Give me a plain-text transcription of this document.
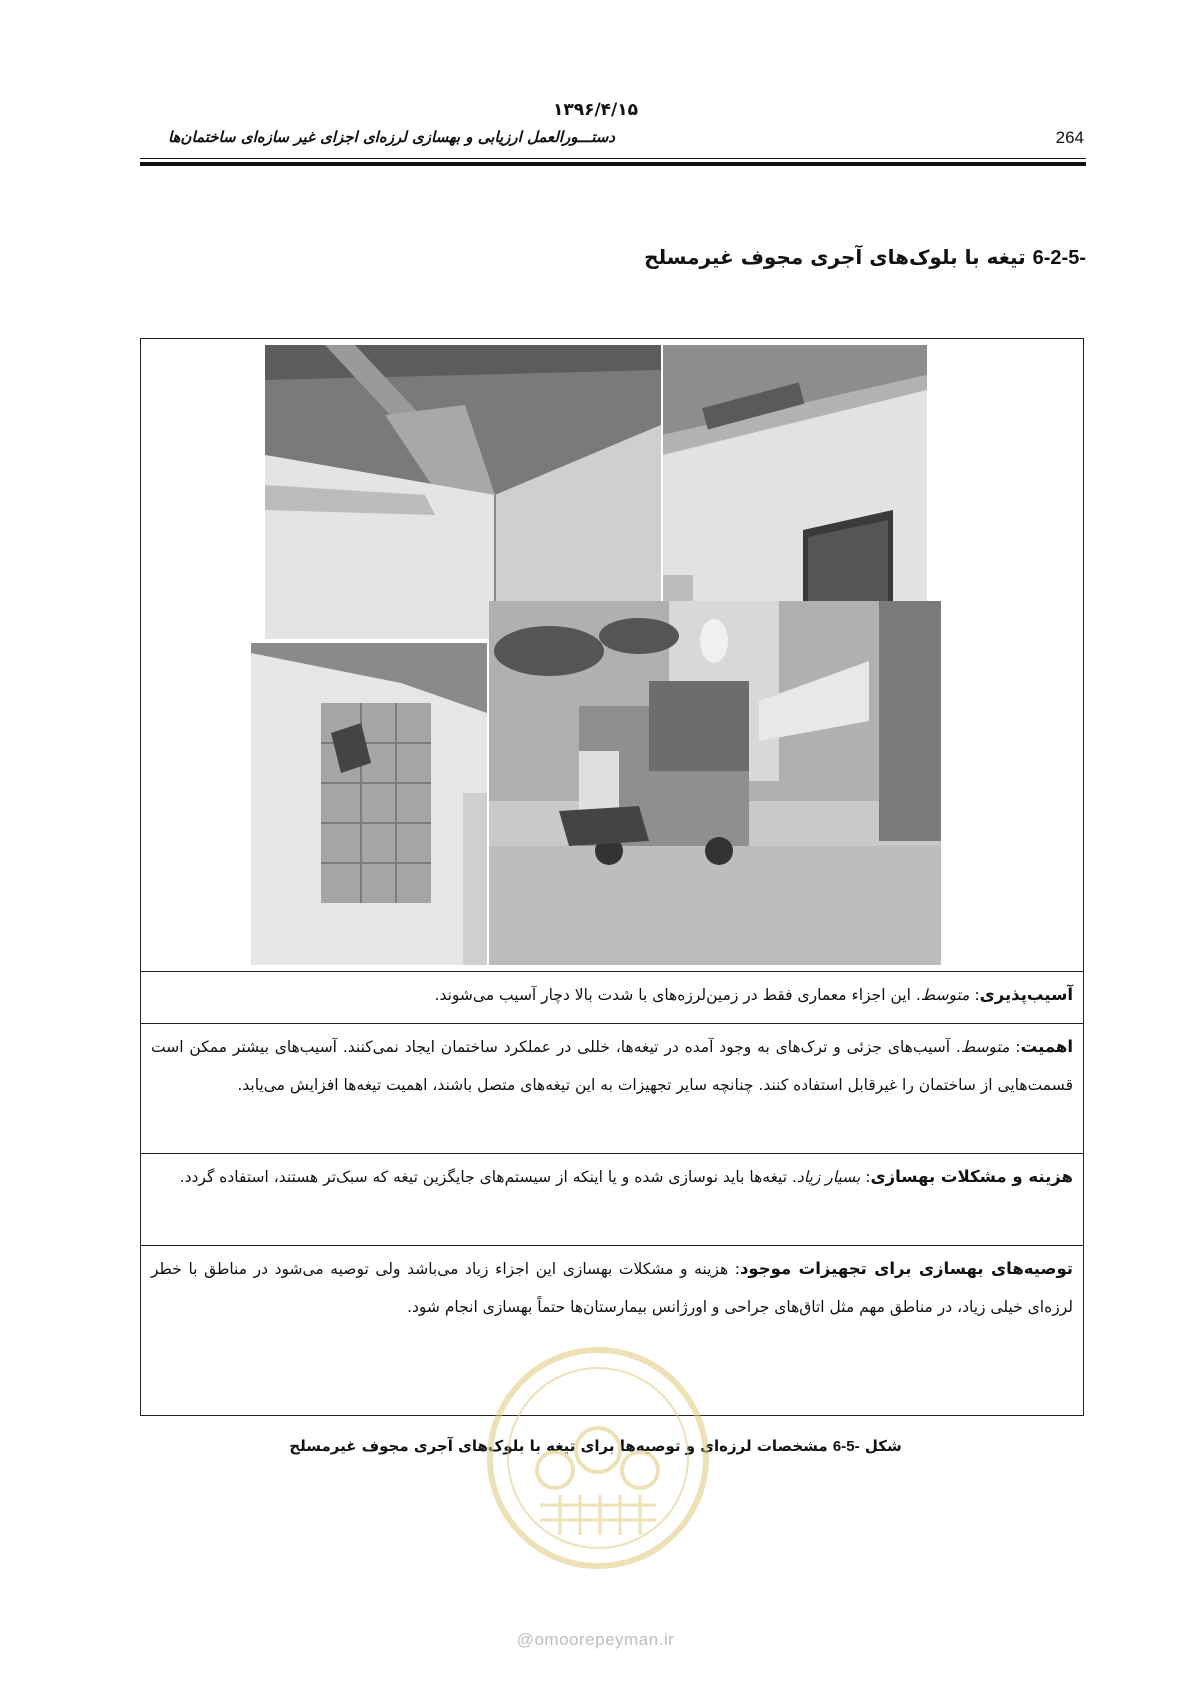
۱۳۹۶/۴/۱۵
دستـــورالعمل ارزیابی و بهسازی لرزه‌ای اجزای غیر سازه‌ای ساختمان‌ها	264
6-2-5- تیغه با بلوک‌های آجری مجوف غیرمسلح
آسیب‌پذیری: متوسط. این اجزاء معماری فقط در زمین‌لرزه‌های با شدت بالا دچار آسیب می‌شوند.
اهمیت: متوسط. آسیب‌های جزئی و ترک‌های به وجود آمده در تیغه‌ها، خللی در عملکرد ساختمان ایجاد نمی‌کنند. آسیب‌های بیشتر ممکن است قسمت‌هایی از ساختمان را غیرقابل استفاده کنند. چنانچه سایر تجهیزات به این تیغه‌های متصل باشند، اهمیت تیغه‌ها افزایش می‌یابد.
هزینه و مشکلات بهسازی: بسیار زیاد. تیغه‌ها باید نوسازی شده و یا اینکه از سیستم‌های جایگزین تیغه که سبک‌تر هستند، استفاده گردد.
توصیه‌های بهسازی برای تجهیزات موجود: هزینه و مشکلات بهسازی این اجزاء زیاد می‌باشد ولی توصیه می‌شود در مناطق با خطر لرزه‌ای خیلی زیاد، در مناطق مهم مثل اتاق‌های جراحی و اورژانس بیمارستان‌ها حتماً بهسازی انجام شود.
شکل 6-5- مشخصات لرزه‌ای و توصیه‌ها برای تیغه با بلوک‌های آجری مجوف غیرمسلح
@omoorepeyman.ir
